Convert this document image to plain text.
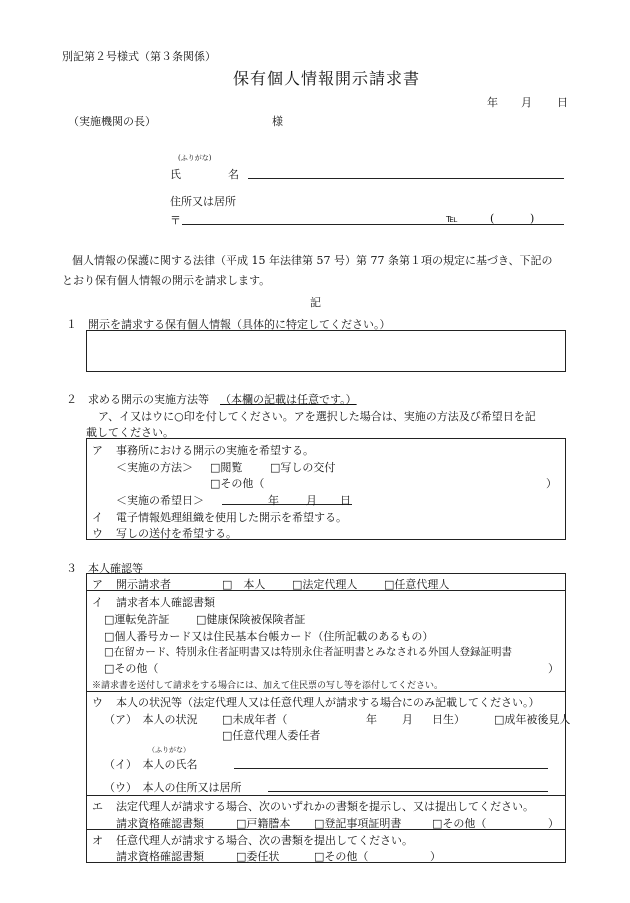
別記第２号様式（第３条関係）
保有個人情報開示請求書
年 月 日
（実施機関の長）	様
(ふりがな)
氏	名
住所又は居所
〒	℡	(	)
個人情報の保護に関する法律（平成 15 年法律第 57 号）第 77 条第１項の規定に基づき、下記の
とおり保有個人情報の開示を請求します。
記
１ 開示を請求する保有個人情報（具体的に特定してください。）
２ 求める開示の実施方法等 （本欄の記載は任意です。）
ア、イ又はウに○印を付してください。アを選択した場合は、実施の方法及び希望日を記
載してください。
ア 事務所における開示の実施を希望する。
＜実施の方法＞ □閲覧	□写しの交付
□その他（	）
＜実施の希望日＞	年 月 日
イ 電子情報処理組織を使用した開示を希望する。
ウ 写しの送付を希望する。
３ 本人確認等
ア 開示請求者	□　本人 □法定代理人 □任意代理人
イ 請求者本人確認書類
□運転免許証 □健康保険被保険者証
□個人番号カード又は住民基本台帳カード（住所記載のあるもの）
□在留カード、特別永住者証明書又は特別永住者証明書とみなされる外国人登録証明書
□その他（	）
※請求書を送付して請求をする場合には、加えて住民票の写し等を添付してください。
ウ 本人の状況等（法定代理人又は任意代理人が請求する場合にのみ記載してください。）
（ア）　本人の状況 □未成年者（	年 月 日生）	□成年被後見人
□任意代理人委任者
（ふりがな）
（イ）　本人の氏名
（ウ）　本人の住所又は居所
エ 法定代理人が請求する場合、次のいずれかの書類を提示し、又は提出してください。
請求資格確認書類	□戸籍謄本 □登記事項証明書	□その他（	）
オ 任意代理人が請求する場合、次の書類を提出してください。
請求資格確認書類	□委任状	□その他（	）
